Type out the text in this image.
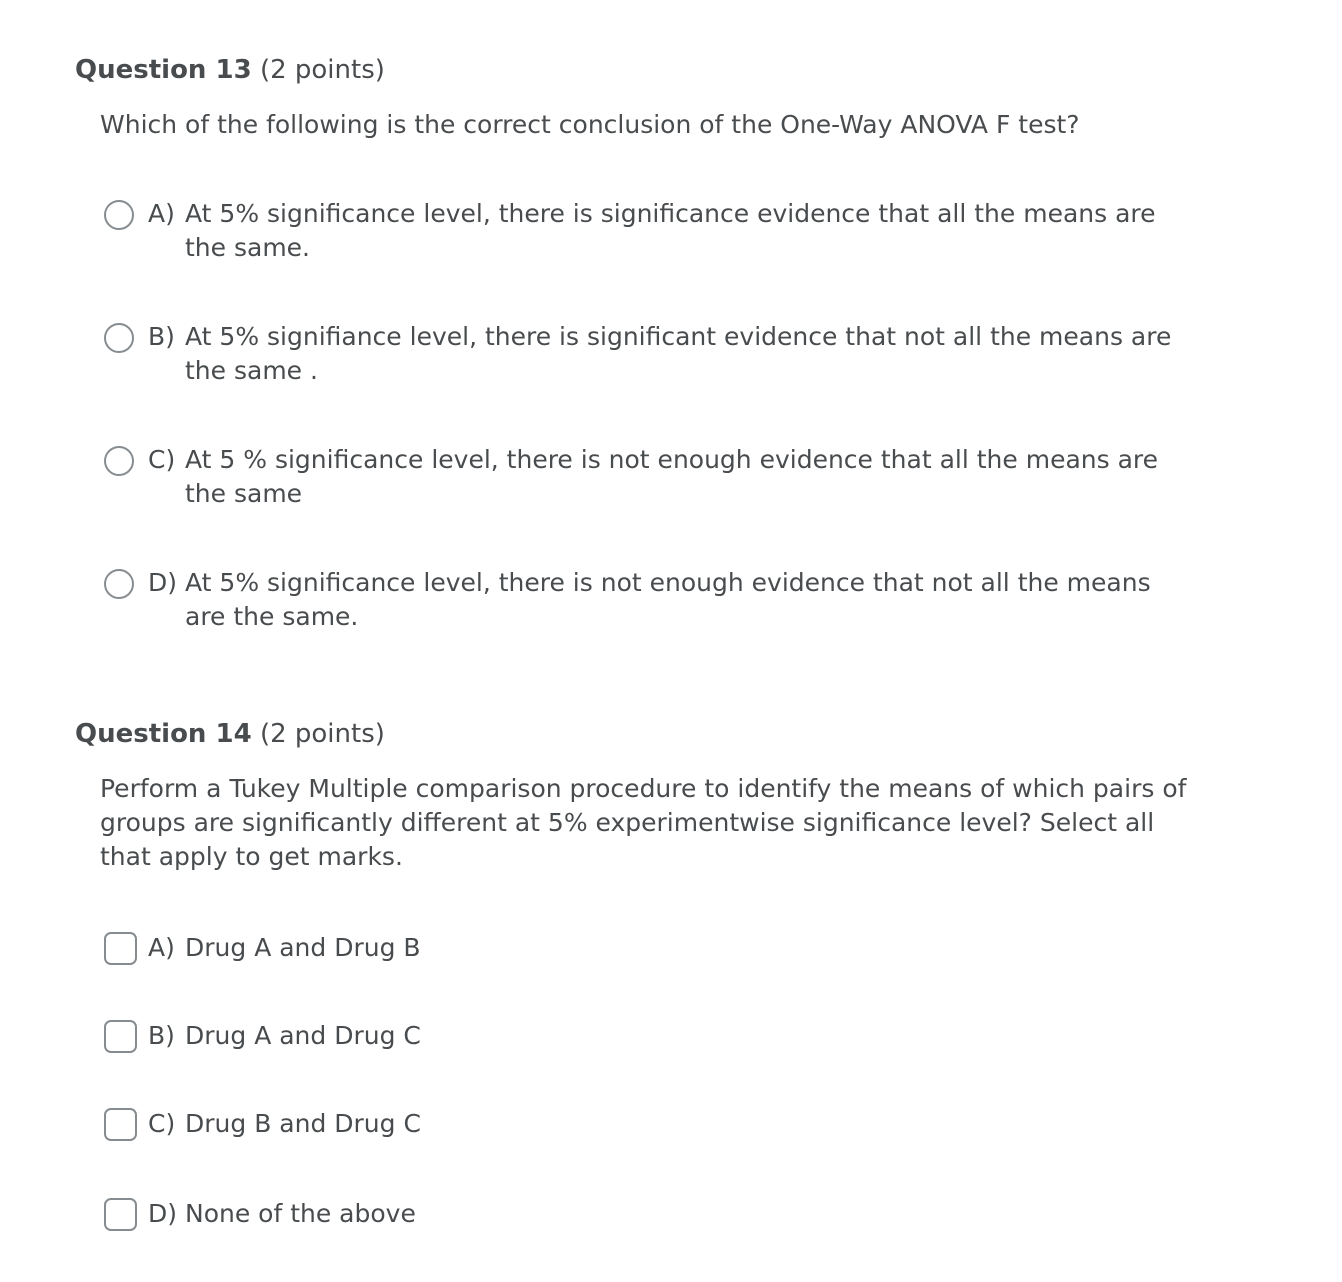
Question 13 (2 points)
Which of the following is the correct conclusion of the One-Way ANOVA F test?
A) At 5% significance level, there is significance evidence that all the means are the same.
B) At 5% signifiance level, there is significant evidence that not all the means are the same .
C) At 5 % significance level, there is not enough evidence that all the means are the same
D) At 5% significance level, there is not enough evidence that not all the means are the same.
Question 14 (2 points)
Perform a Tukey Multiple comparison procedure to identify the means of which pairs of groups are significantly different at 5% experimentwise significance level? Select all that apply to get marks.
A) Drug A and Drug B
B) Drug A and Drug C
C) Drug B and Drug C
D) None of the above
